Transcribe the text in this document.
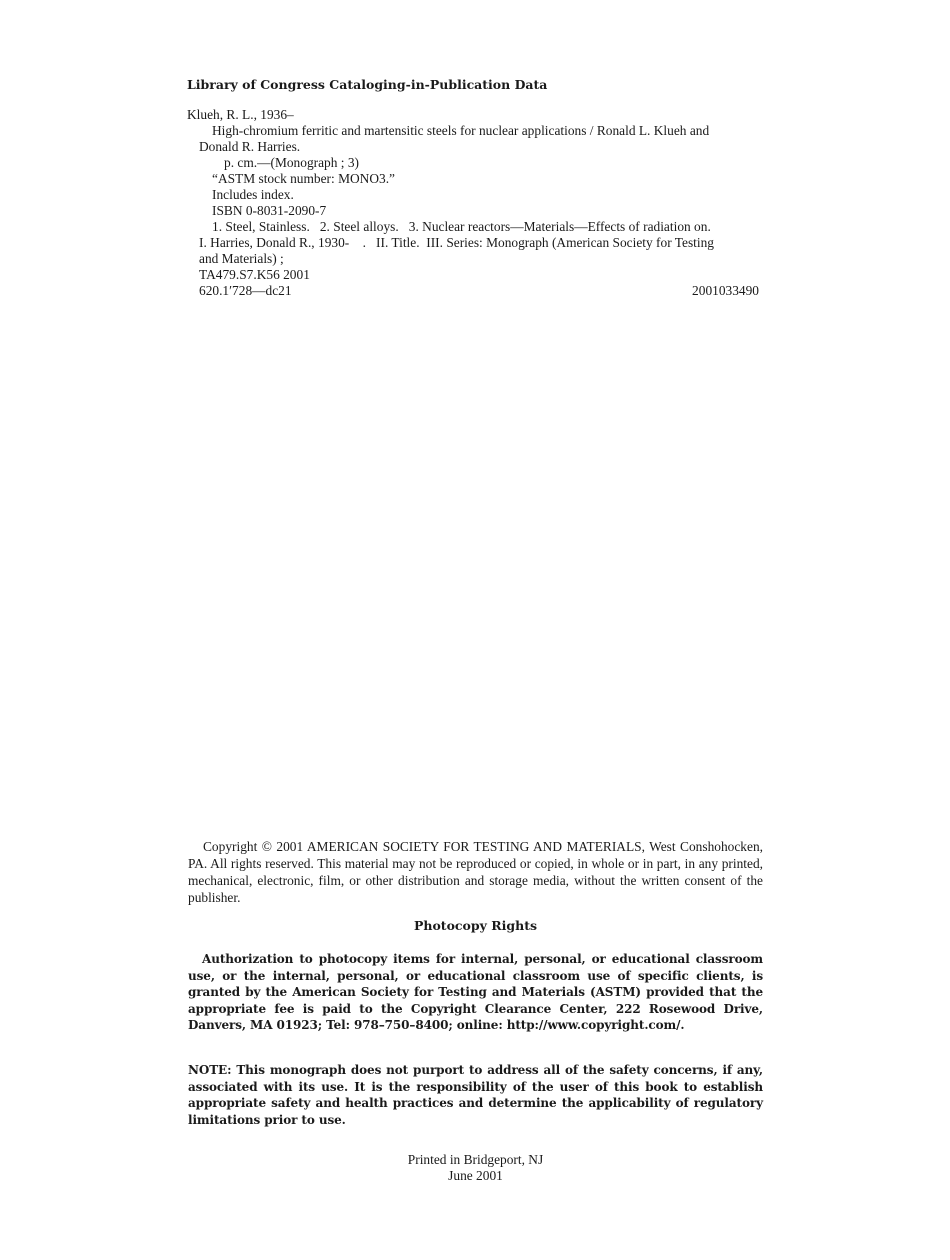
Library of Congress Cataloging-in-Publication Data
Klueh, R. L., 1936–
High-chromium ferritic and martensitic steels for nuclear applications / Ronald L. Klueh and
Donald R. Harries.
p. cm.—(Monograph ; 3)
“ASTM stock number: MONO3.”
Includes index.
ISBN 0-8031-2090-7
1. Steel, Stainless.   2. Steel alloys.   3. Nuclear reactors—Materials—Effects of radiation on.
I. Harries, Donald R., 1930-    .   II. Title.  III. Series: Monograph (American Society for Testing
and Materials) ;
TA479.S7.K56 2001
620.1′728—dc21	2001033490
Copyright © 2001 AMERICAN SOCIETY FOR TESTING AND MATERIALS, West Conshohocken, PA. All rights reserved. This material may not be reproduced or copied, in whole or in part, in any printed, mechanical, electronic, film, or other distribution and storage media, without the written consent of the publisher.
Photocopy Rights
Authorization to photocopy items for internal, personal, or educational classroom use, or the internal, personal, or educational classroom use of specific clients, is granted by the American Society for Testing and Materials (ASTM) provided that the appropriate fee is paid to the Copyright Clearance Center, 222 Rosewood Drive, Danvers, MA 01923; Tel: 978–750–8400; online: http://www.copyright.com/.
NOTE: This monograph does not purport to address all of the safety concerns, if any, associated with its use. It is the responsibility of the user of this book to establish appropriate safety and health practices and determine the applicability of regulatory limitations prior to use.
Printed in Bridgeport, NJ
June 2001
